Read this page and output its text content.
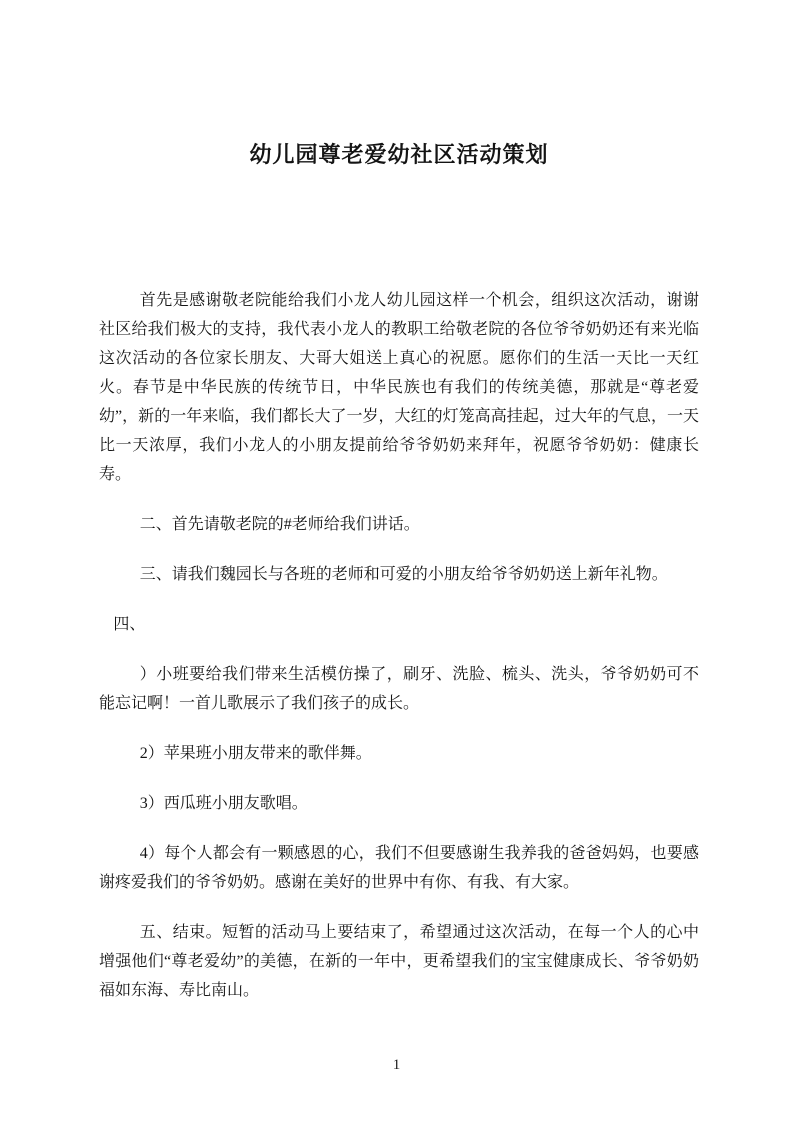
幼儿园尊老爱幼社区活动策划

首先是感谢敬老院能给我们小龙人幼儿园这样一个机会，组织这次活动，谢谢社区给我们极大的支持，我代表小龙人的教职工给敬老院的各位爷爷奶奶还有来光临这次活动的各位家长朋友、大哥大姐送上真心的祝愿。愿你们的生活一天比一天红火。春节是中华民族的传统节日，中华民族也有我们的传统美德，那就是“尊老爱幼”，新的一年来临，我们都长大了一岁，大红的灯笼高高挂起，过大年的气息，一天比一天浓厚，我们小龙人的小朋友提前给爷爷奶奶来拜年，祝愿爷爷奶奶：健康长寿。

二、首先请敬老院的#老师给我们讲话。

三、请我们魏园长与各班的老师和可爱的小朋友给爷爷奶奶送上新年礼物。

四、

）小班要给我们带来生活模仿操了，刷牙、洗脸、梳头、洗头，爷爷奶奶可不能忘记啊！一首儿歌展示了我们孩子的成长。

2）苹果班小朋友带来的歌伴舞。

3）西瓜班小朋友歌唱。

4）每个人都会有一颗感恩的心，我们不但要感谢生我养我的爸爸妈妈，也要感谢疼爱我们的爷爷奶奶。感谢在美好的世界中有你、有我、有大家。

五、结束。短暂的活动马上要结束了，希望通过这次活动，在每一个人的心中增强他们“尊老爱幼”的美德，在新的一年中，更希望我们的宝宝健康成长、爷爷奶奶福如东海、寿比南山。

1
